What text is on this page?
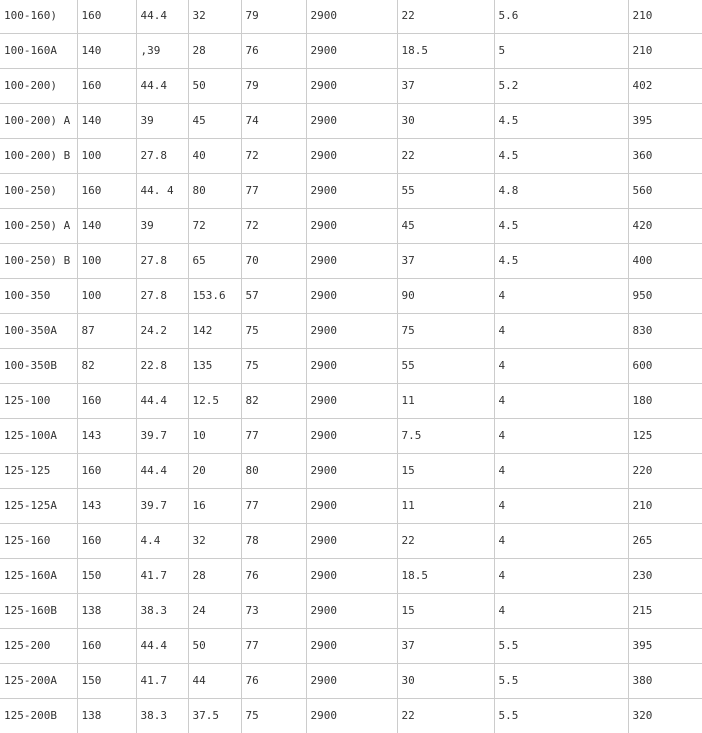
100-160)	160	44.4	32	79	2900	22	5.6	210
100-160A	140	,39	28	76	2900	18.5	5	210
100-200)	160	44.4	50	79	2900	37	5.2	402
100-200) A	140	39	45	74	2900	30	4.5	395
100-200) B	100	27.8	40	72	2900	22	4.5	360
100-250)	160	44. 4	80	77	2900	55	4.8	560
100-250) A	140	39	72	72	2900	45	4.5	420
100-250) B	100	27.8	65	70	2900	37	4.5	400
100-350	100	27.8	153.6	57	2900	90	4	950
100-350A	87	24.2	142	75	2900	75	4	830
100-350B	82	22.8	135	75	2900	55	4	600
125-100	160	44.4	12.5	82	2900	11	4	180
125-100A	143	39.7	10	77	2900	7.5	4	125
125-125	160	44.4	20	80	2900	15	4	220
125-125A	143	39.7	16	77	2900	11	4	210
125-160	160	4.4	32	78	2900	22	4	265
125-160A	150	41.7	28	76	2900	18.5	4	230
125-160B	138	38.3	24	73	2900	15	4	215
125-200	160	44.4	50	77	2900	37	5.5	395
125-200A	150	41.7	44	76	2900	30	5.5	380
125-200B	138	38.3	37.5	75	2900	22	5.5	320
